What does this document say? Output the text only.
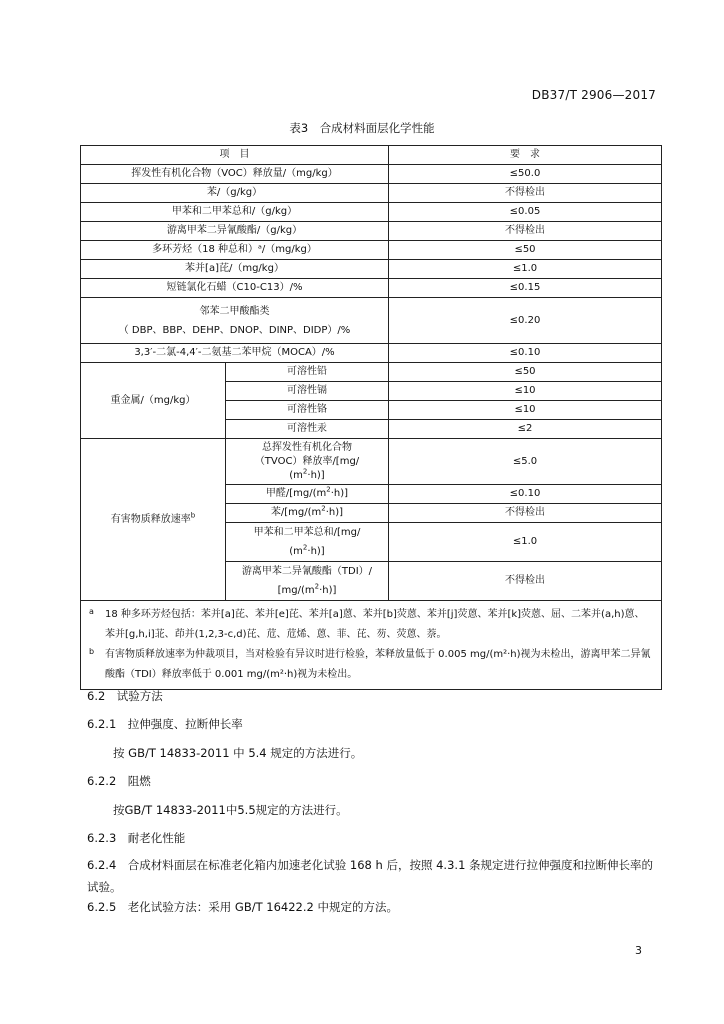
DB37/T 2906—2017
表3　合成材料面层化学性能
项　目		要　求
挥发性有机化合物（VOC）释放量/（mg/kg）		≤50.0
苯/（g/kg）		不得检出
甲苯和二甲苯总和/（g/kg）		≤0.05
游离甲苯二异氰酸酯/（g/kg）		不得检出
多环芳烃（18 种总和）ᵃ/（mg/kg）		≤50
苯并[a]芘/（mg/kg）		≤1.0
短链氯化石蜡（C10-C13）/%		≤0.15

邻苯二甲酸酯类
（ DBP、BBP、DEHP、DNOP、DINP、DIDP）/%		≤0.20
3,3′-二氯-4,4′-二氨基二苯甲烷（MOCA）/%		≤0.10
重金属/（mg/kg）	可溶性铅	≤50
	可溶性镉	≤10
	可溶性铬	≤10
	可溶性汞	≤2
有害物质释放速率$^b$	总挥发性有机化合物
（TVOC）释放率/[mg/
$(m^2\cdot h)$]	≤5.0
	甲醛$/[mg/(m^2\cdot h)]$	≤0.10
	苯$/[mg/(m^2\cdot h)]$	不得检出

	甲苯和二甲苯总和/[mg/
$(m^2\cdot h)$]	≤1.0

	游离甲苯二异氰酸酯（TDI）/
$[mg/(m^2\cdot h)]$	不得检出

a 18 种多环芳烃包括：苯并[a]芘、苯并[e]芘、苯并[a]蒽、苯并[b]荧蒽、苯并[j]荧蒽、苯并[k]荧蒽、屈、二苯并(a,h)蒽、苯并[g,h,i]苝、茚并(1,2,3-c,d)芘、苊、苊烯、蒽、菲、芘、芴、荧蒽、萘。
b 有害物质释放速率为仲裁项目，当对检验有异议时进行检验，苯释放量低于 0.005 mg/(m²·h)视为未检出，游离甲苯二异氰酸酯（TDI）释放率低于 0.001 mg/(m²·h)视为未检出。		
6.2　试验方法
6.2.1　拉伸强度、拉断伸长率
按 GB/T 14833-2011 中 5.4 规定的方法进行。
6.2.2　阻燃
按GB/T 14833-2011中5.5规定的方法进行。
6.2.3　耐老化性能
6.2.4　合成材料面层在标准老化箱内加速老化试验 168 h 后，按照 4.3.1 条规定进行拉伸强度和拉断伸长率的试验。
6.2.5　老化试验方法：采用 GB/T 16422.2 中规定的方法。
3
